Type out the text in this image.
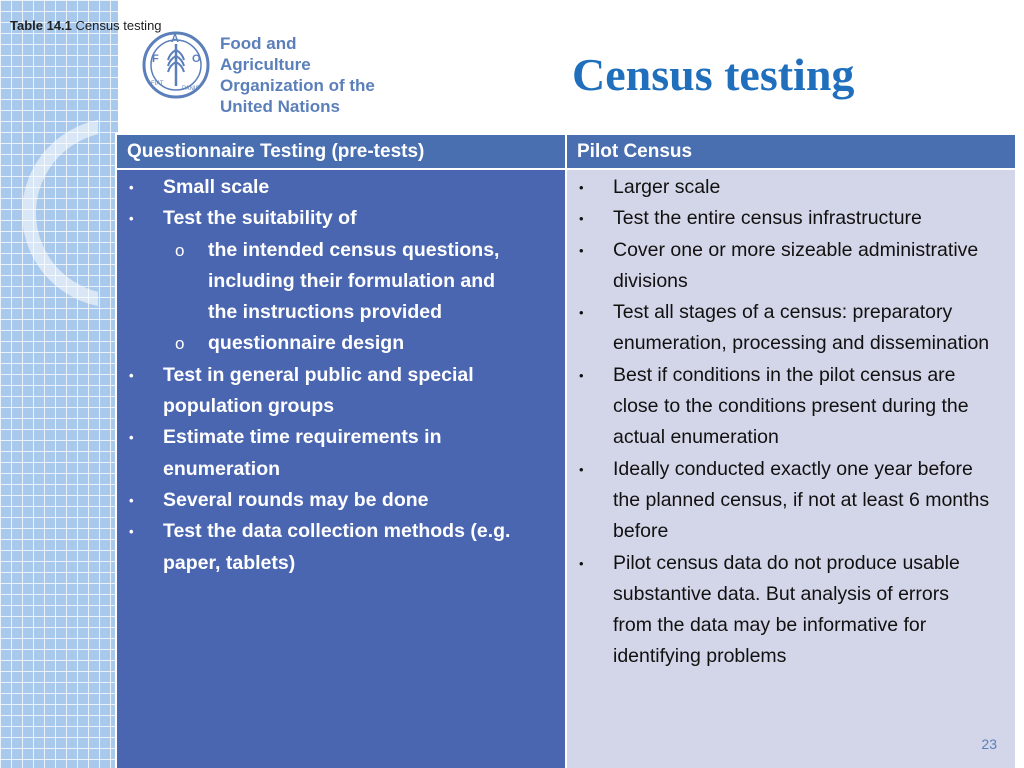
Table 14.1 Census testing
F
A
O
FIAT
PANIS
Food and Agriculture
Organization of the
United Nations
Census testing
Questionnaire Testing (pre-tests)	Pilot Census
• Small scale
• Test the suitability of
o the intended census questions,
including their formulation and
the instructions provided
o questionnaire design
• Test in general public and special
population groups
• Estimate time requirements in
enumeration
• Several rounds may be done
• Test the data collection methods (e.g.
paper, tablets)
• Larger scale
• Test the entire census infrastructure
• Cover one or more sizeable administrative
divisions
• Test all stages of a census: preparatory
enumeration, processing and dissemination
• Best if conditions in the pilot census are
close to the conditions present during the
actual enumeration
• Ideally conducted exactly one year before
the planned census, if not at least 6 months
before
• Pilot census data do not produce usable
substantive data. But analysis of errors
from the data may be informative for
identifying problems
23
